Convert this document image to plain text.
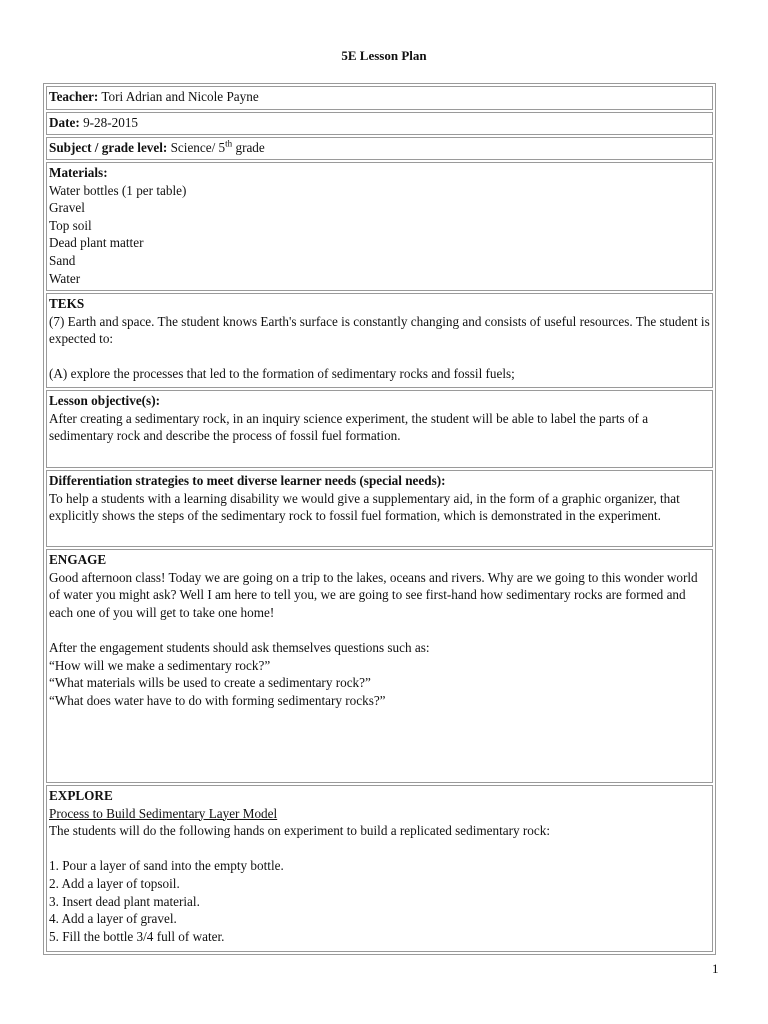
5E Lesson Plan
Teacher: Tori Adrian and Nicole Payne
Date: 9-28-2015
Subject / grade level: Science/ 5th grade
Materials:
Water bottles (1 per table)
Gravel
Top soil
Dead plant matter
Sand
Water
TEKS
(7) Earth and space. The student knows Earth's surface is constantly changing and consists of useful resources. The student is expected to:
(A) explore the processes that led to the formation of sedimentary rocks and fossil fuels;
Lesson objective(s):
After creating a sedimentary rock, in an inquiry science experiment, the student will be able to label the parts of a sedimentary rock and describe the process of fossil fuel formation.
Differentiation strategies to meet diverse learner needs (special needs):
To help a students with a learning disability we would give a supplementary aid, in the form of a graphic organizer, that explicitly shows the steps of the sedimentary rock to fossil fuel formation, which is demonstrated in the experiment.
ENGAGE
Good afternoon class! Today we are going on a trip to the lakes, oceans and rivers. Why are we going to this wonder world of water you might ask? Well I am here to tell you, we are going to see first-hand how sedimentary rocks are formed and each one of you will get to take one home!
After the engagement students should ask themselves questions such as:
“How will we make a sedimentary rock?”
“What materials wills be used to create a sedimentary rock?”
“What does water have to do with forming sedimentary rocks?”
EXPLORE
Process to Build Sedimentary Layer Model
The students will do the following hands on experiment to build a replicated sedimentary rock:
1. Pour a layer of sand into the empty bottle.
2. Add a layer of topsoil.
3. Insert dead plant material.
4. Add a layer of gravel.
5. Fill the bottle 3/4 full of water.
1
